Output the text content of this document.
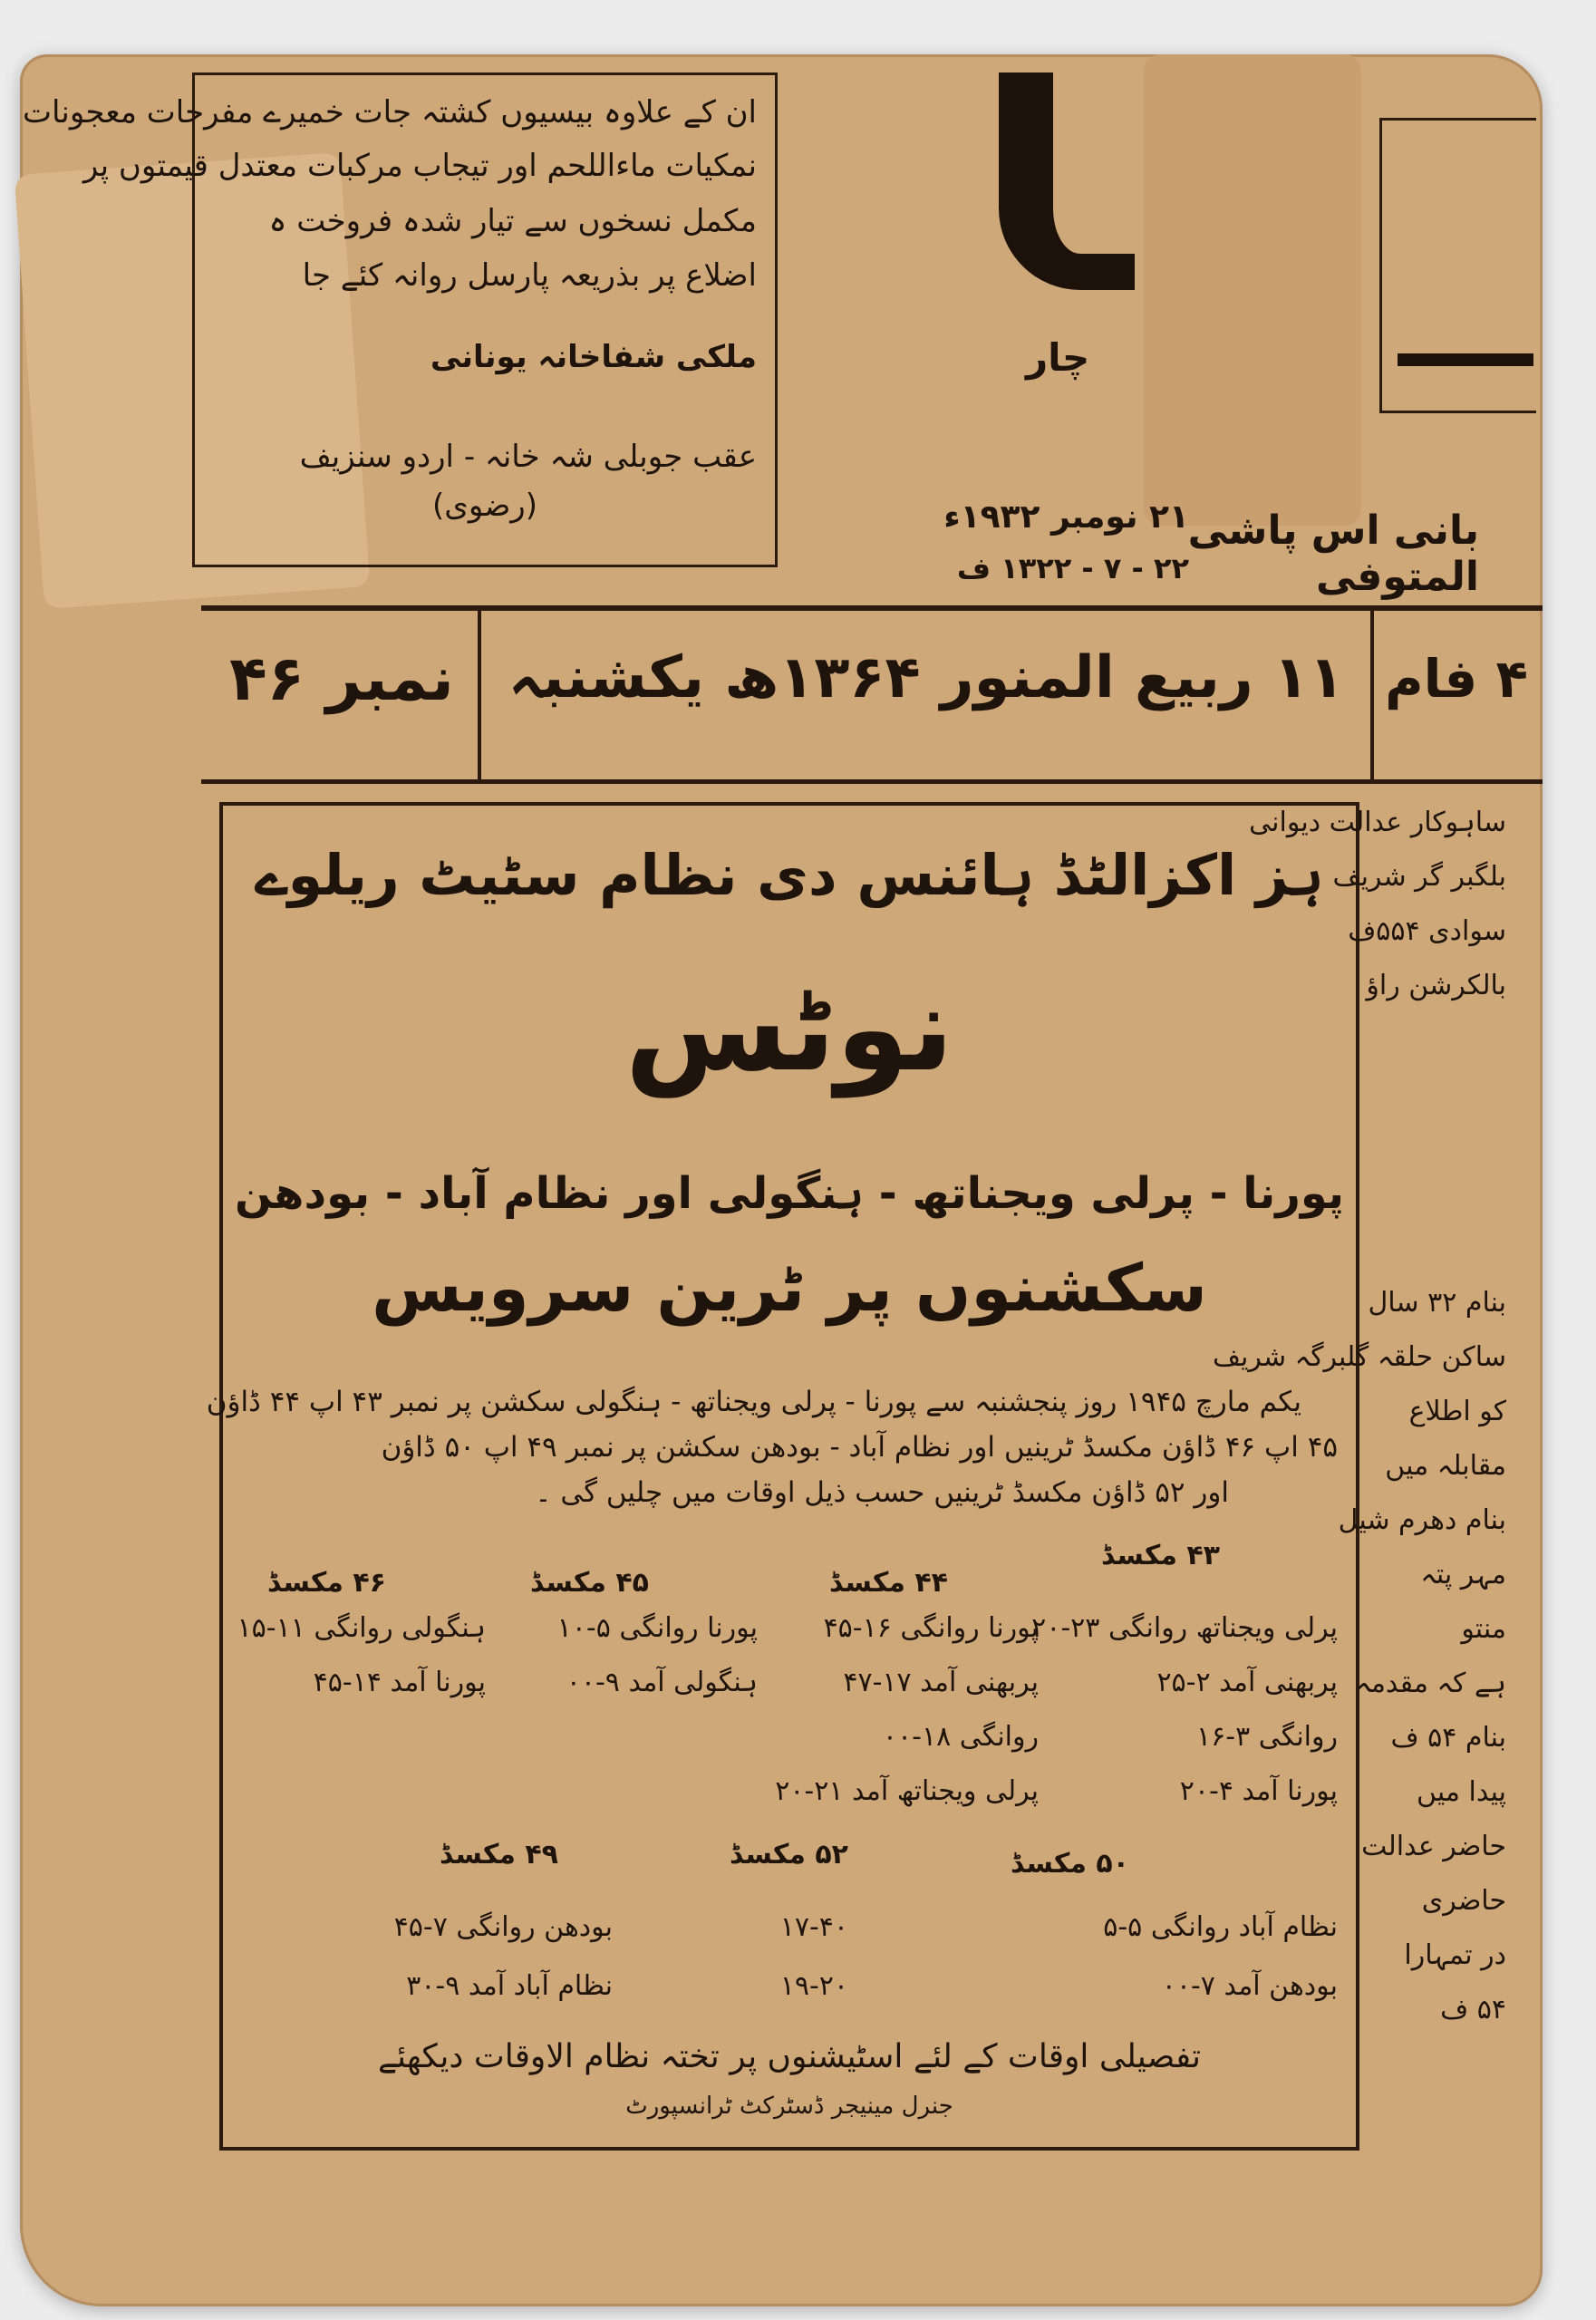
ان کے علاوہ بیسیوں کشتہ جات خمیرے مفرحات معجونات
نمکیات ماءاللحم اور تیجاب مرکبات معتدل قیمتوں پر
مکمل نسخوں سے تیار شدہ فروخت ہ
اضلاع پر بذریعہ پارسل روانہ کئے جا
ملکی شفاخانہ یونانی
عقب جوبلی شہ خانہ - اردو سنزیف
(رضوی)
چار
بانی اس پاشی المتوفی
۲۱ نومبر ۱۹۳۲ء
۲۲ - ۷ - ۱۳۲۲ ف
نمبر ۴۶ ۱۱ ربیع المنور ۱۳۶۴ھ یکشنبہ ۴ فام
ہز اکزالٹڈ ہائنس دی نظام سٹیٹ ریلوے
نوٹس
پورنا - پرلی ویجناتھ - ہنگولی اور نظام آباد - بودھن
سکشنوں پر ٹرین سرویس
یکم مارچ ۱۹۴۵ روز پنجشنبہ سے پورنا - پرلی ویجناتھ - ہنگولی سکشن پر نمبر ۴۳ اپ ۴۴ ڈاؤن
۴۵ اپ ۴۶ ڈاؤن مکسڈ ٹرینیں اور نظام آباد - بودھن سکشن پر نمبر ۴۹ اپ ۵۰ ڈاؤن
اور ۵۲ ڈاؤن مکسڈ ٹرینیں حسب ذیل اوقات میں چلیں گی ۔
۴۳ مکسڈ
۴۴ مکسڈ
۴۵ مکسڈ
۴۶ مکسڈ
پرلی ویجناتھ روانگی ۲۳-۲۰
پورنا روانگی ۱۶-۴۵
پورنا روانگی ۵-۱۰
ہنگولی روانگی ۱۱-۱۵
پربھنی آمد ۲-۲۵
پربھنی آمد ۱۷-۴۷
ہنگولی آمد ۹-۰۰
پورنا آمد ۱۴-۴۵
روانگی ۳-۱۶
روانگی ۱۸-۰۰
پورنا آمد ۴-۲۰
پرلی ویجناتھ آمد ۲۱-۲۰
۵۰ مکسڈ
۵۲ مکسڈ
۴۹ مکسڈ
نظام آباد روانگی ۵-۵
۱۷-۴۰
بودھن روانگی ۷-۴۵
بودھن آمد ۷-۰۰
۱۹-۲۰
نظام آباد آمد ۹-۳۰
تفصیلی اوقات کے لئے اسٹیشنوں پر تختہ نظام الاوقات دیکھئے
جنرل مینیجر ڈسٹرکٹ ٹرانسپورٹ
ساہوکار عدالت دیوانی
بلگبر گر شریف
سوادی ۵۵۴ف
بالکرشن راؤ
بنام ۳۲ سال
ساکن حلقہ گلبرگہ شریف
کو اطلاع
مقابلہ میں
بنام دھرم شیل
مہر پتہ
منتو
ہے کہ مقدمہ
بنام ۵۴ ف
پیدا میں
حاضر عدالت
حاضری
در تمہارا
۵۴ ف
